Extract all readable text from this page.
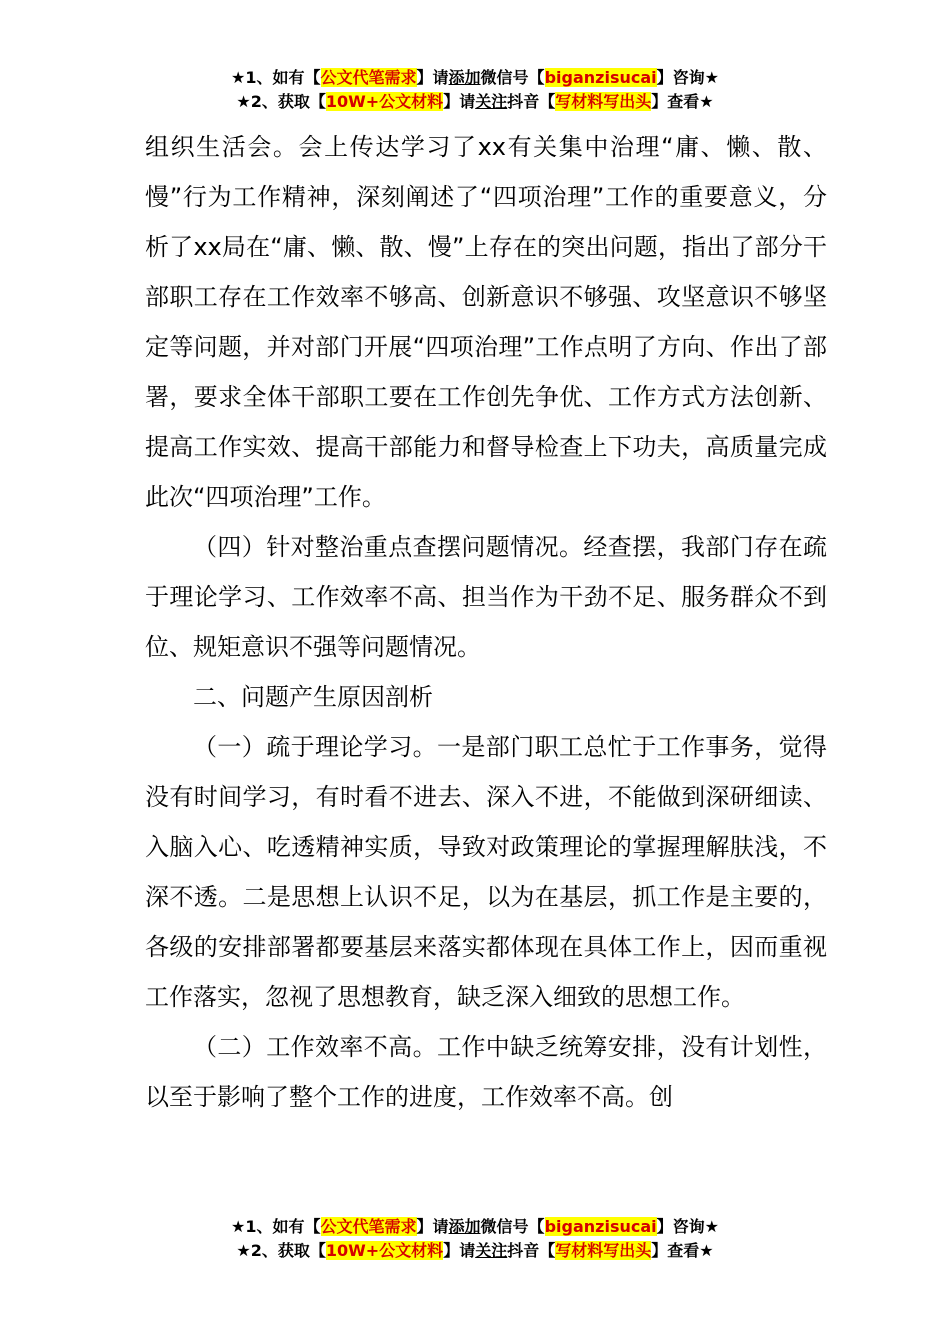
★1、如有【公文代笔需求】请添加微信号【biganzisucai】咨询★
★2、获取【10W+公文材料】请关注抖音【写材料写出头】查看★

组织生活会。会上传达学习了xx有关集中治理“庸、懒、散、慢”行为工作精神，深刻阐述了“四项治理”工作的重要意义，分析了xx局在“庸、懒、散、慢”上存在的突出问题，指出了部分干部职工存在工作效率不够高、创新意识不够强、攻坚意识不够坚定等问题，并对部门开展“四项治理”工作点明了方向、作出了部署，要求全体干部职工要在工作创先争优、工作方式方法创新、提高工作实效、提高干部能力和督导检查上下功夫，高质量完成此次“四项治理”工作。

（四）针对整治重点查摆问题情况。经查摆，我部门存在疏于理论学习、工作效率不高、担当作为干劲不足、服务群众不到位、规矩意识不强等问题情况。

二、问题产生原因剖析

（一）疏于理论学习。一是部门职工总忙于工作事务，觉得没有时间学习，有时看不进去、深入不进，不能做到深研细读、入脑入心、吃透精神实质，导致对政策理论的掌握理解肤浅，不深不透。二是思想上认识不足，以为在基层，抓工作是主要的，各级的安排部署都要基层来落实都体现在具体工作上，因而重视工作落实，忽视了思想教育，缺乏深入细致的思想工作。

（二）工作效率不高。工作中缺乏统筹安排，没有计划性，以至于影响了整个工作的进度，工作效率不高。创

★1、如有【公文代笔需求】请添加微信号【biganzisucai】咨询★
★2、获取【10W+公文材料】请关注抖音【写材料写出头】查看★
